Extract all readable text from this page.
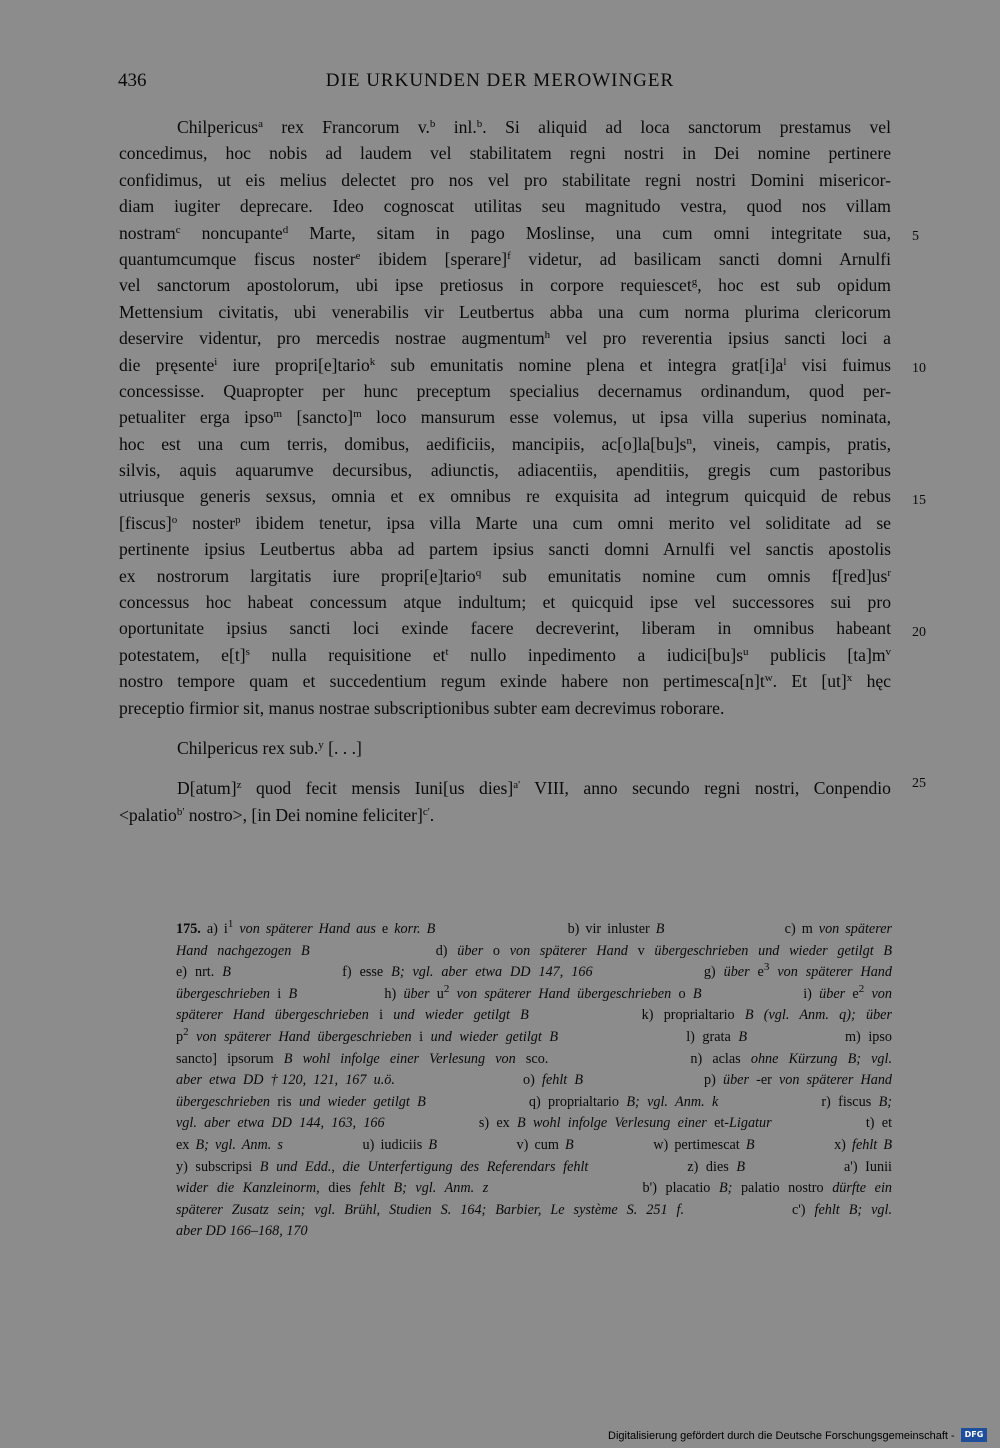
436	DIE URKUNDEN DER MEROWINGER
Chilpericus$^a$ rex Francorum v.$^b$ inl.$^b$. Si aliquid ad loca sanctorum prestamus vel
concedimus, hoc nobis ad laudem vel stabilitatem regni nostri in Dei nomine pertinere
confidimus, ut eis melius delectet pro nos vel pro stabilitate regni nostri Domini misericor-
diam iugiter deprecare. Ideo cognoscat utilitas seu magnitudo vestra, quod nos villam
nostram$^c$ noncupante$^d$ Marte, sitam in pago Moslinse, una cum omni integritate sua,
quantumcumque fiscus noster$^e$ ibidem [sperare]$^f$ videtur, ad basilicam sancti domni Arnulfi
vel sanctorum apostolorum, ubi ipse pretiosus in corpore requiescet$^g$, hoc est sub opidum
Mettensium civitatis, ubi venerabilis vir Leutbertus abba una cum norma plurima clericorum
deservire videntur, pro mercedis nostrae augmentum$^h$ vel pro reverentia ipsius sancti loci a
die pręsente$^i$ iure propri[e]tario$^k$ sub emunitatis nomine plena et integra $grat[i]a^l$ visi fuimus
concessisse. Quapropter per hunc preceptum specialius decernamus ordinandum, quod per-
petualiter erga ipso$^m$ [sancto]$^m$ loco mansurum esse volemus, ut ipsa villa superius nominata,
hoc est una cum terris, domibus, aedificiis, mancipiis, $ac[o]la[bu]s^n$, vineis, campis, pratis,
silvis, aquis aquarumve decursibus, adiunctis, adiacentiis, apenditiis, gregis cum pastoribus
utriusque generis sexsus, omnia et ex omnibus re exquisita ad integrum quicquid de rebus
[fiscus]$^o$ noster$^p$ ibidem tenetur, ipsa villa Marte una cum omni merito vel soliditate ad se
pertinente ipsius Leutbertus abba ad partem ipsius sancti domni Arnulfi vel sanctis apostolis
ex nostrorum largitatis iure propri[e]tario$^q$ sub emunitatis nomine cum omnis $f[red]us^r$
concessus hoc habeat concessum atque indultum; et quicquid ipse vel successores sui pro
oportunitate ipsius sancti loci exinde facere decreverint, liberam in omnibus habeant
potestatem, $e[t]^s$ nulla requisitione $et^t$ nullo inpedimento a $iudici[bu]s^u$ publicis $[ta]m^v$
nostro tempore quam et succedentium regum exinde habere non $pertimesca[n]t^w$. Et [ut]$^x$ hęc
preceptio firmior sit, manus nostrae subscriptionibus subter eam decrevimus roborare.
Chilpericus rex sub.$^y$ [. . .]
D[atum]$^z$ quod fecit mensis Iuni[us dies]$^{a'}$ VIII, anno secundo regni nostri, Conpendio
<palatio$^{b'}$ nostro>, [in Dei nomine feliciter]$^{c'}$.
5
10
15
20
25
175. a) $i^1$ von späterer Hand aus e korr. B                      b) vir inluster B                    c) m von späterer
Hand nachgezogen B             d) über o von späterer Hand v übergeschrieben und wieder getilgt B
e) nrt. B              f) esse B; vgl. aber etwa DD 147, 166              g) über $e^3$ von späterer Hand
übergeschrieben i B            h) über $u^2$ von späterer Hand übergeschrieben o B              i) über $e^2$ von
späterer Hand übergeschrieben i und wieder getilgt B           k) proprialtario B (vgl. Anm. q); über
$p^2$ von späterer Hand übergeschrieben i und wieder getilgt B                 l) grata B             m) ipso
sancto] ipsorum B wohl infolge einer Verlesung von sco.              n) aclas ohne Kürzung B; vgl.
aber etwa DD †120, 121, 167 u.ö.                  o) fehlt B                 p) über -er von späterer Hand
übergeschrieben ris und wieder getilgt B              q) proprialtario B; vgl. Anm. k              r) fiscus B;
vgl. aber etwa DD 144, 163, 166             s) ex B wohl infolge Verlesung einer et-Ligatur             t) et
ex B; vgl. Anm. s             u) iudiciis B             v) cum B             w) pertimescat B             x) fehlt B
y) subscripsi B und Edd., die Unterfertigung des Referendars fehlt             z) dies B             a') Iunii
wider die Kanzleinorm, dies fehlt B; vgl. Anm. z                  b') placatio B; palatio nostro dürfte ein
späterer Zusatz sein; vgl. Brühl, Studien S. 164; Barbier, Le système S. 251 f.            c') fehlt B; vgl.
aber DD 166–168, 170
Digitalisierung gefördert durch die Deutsche Forschungsgemeinschaft -	DFG
